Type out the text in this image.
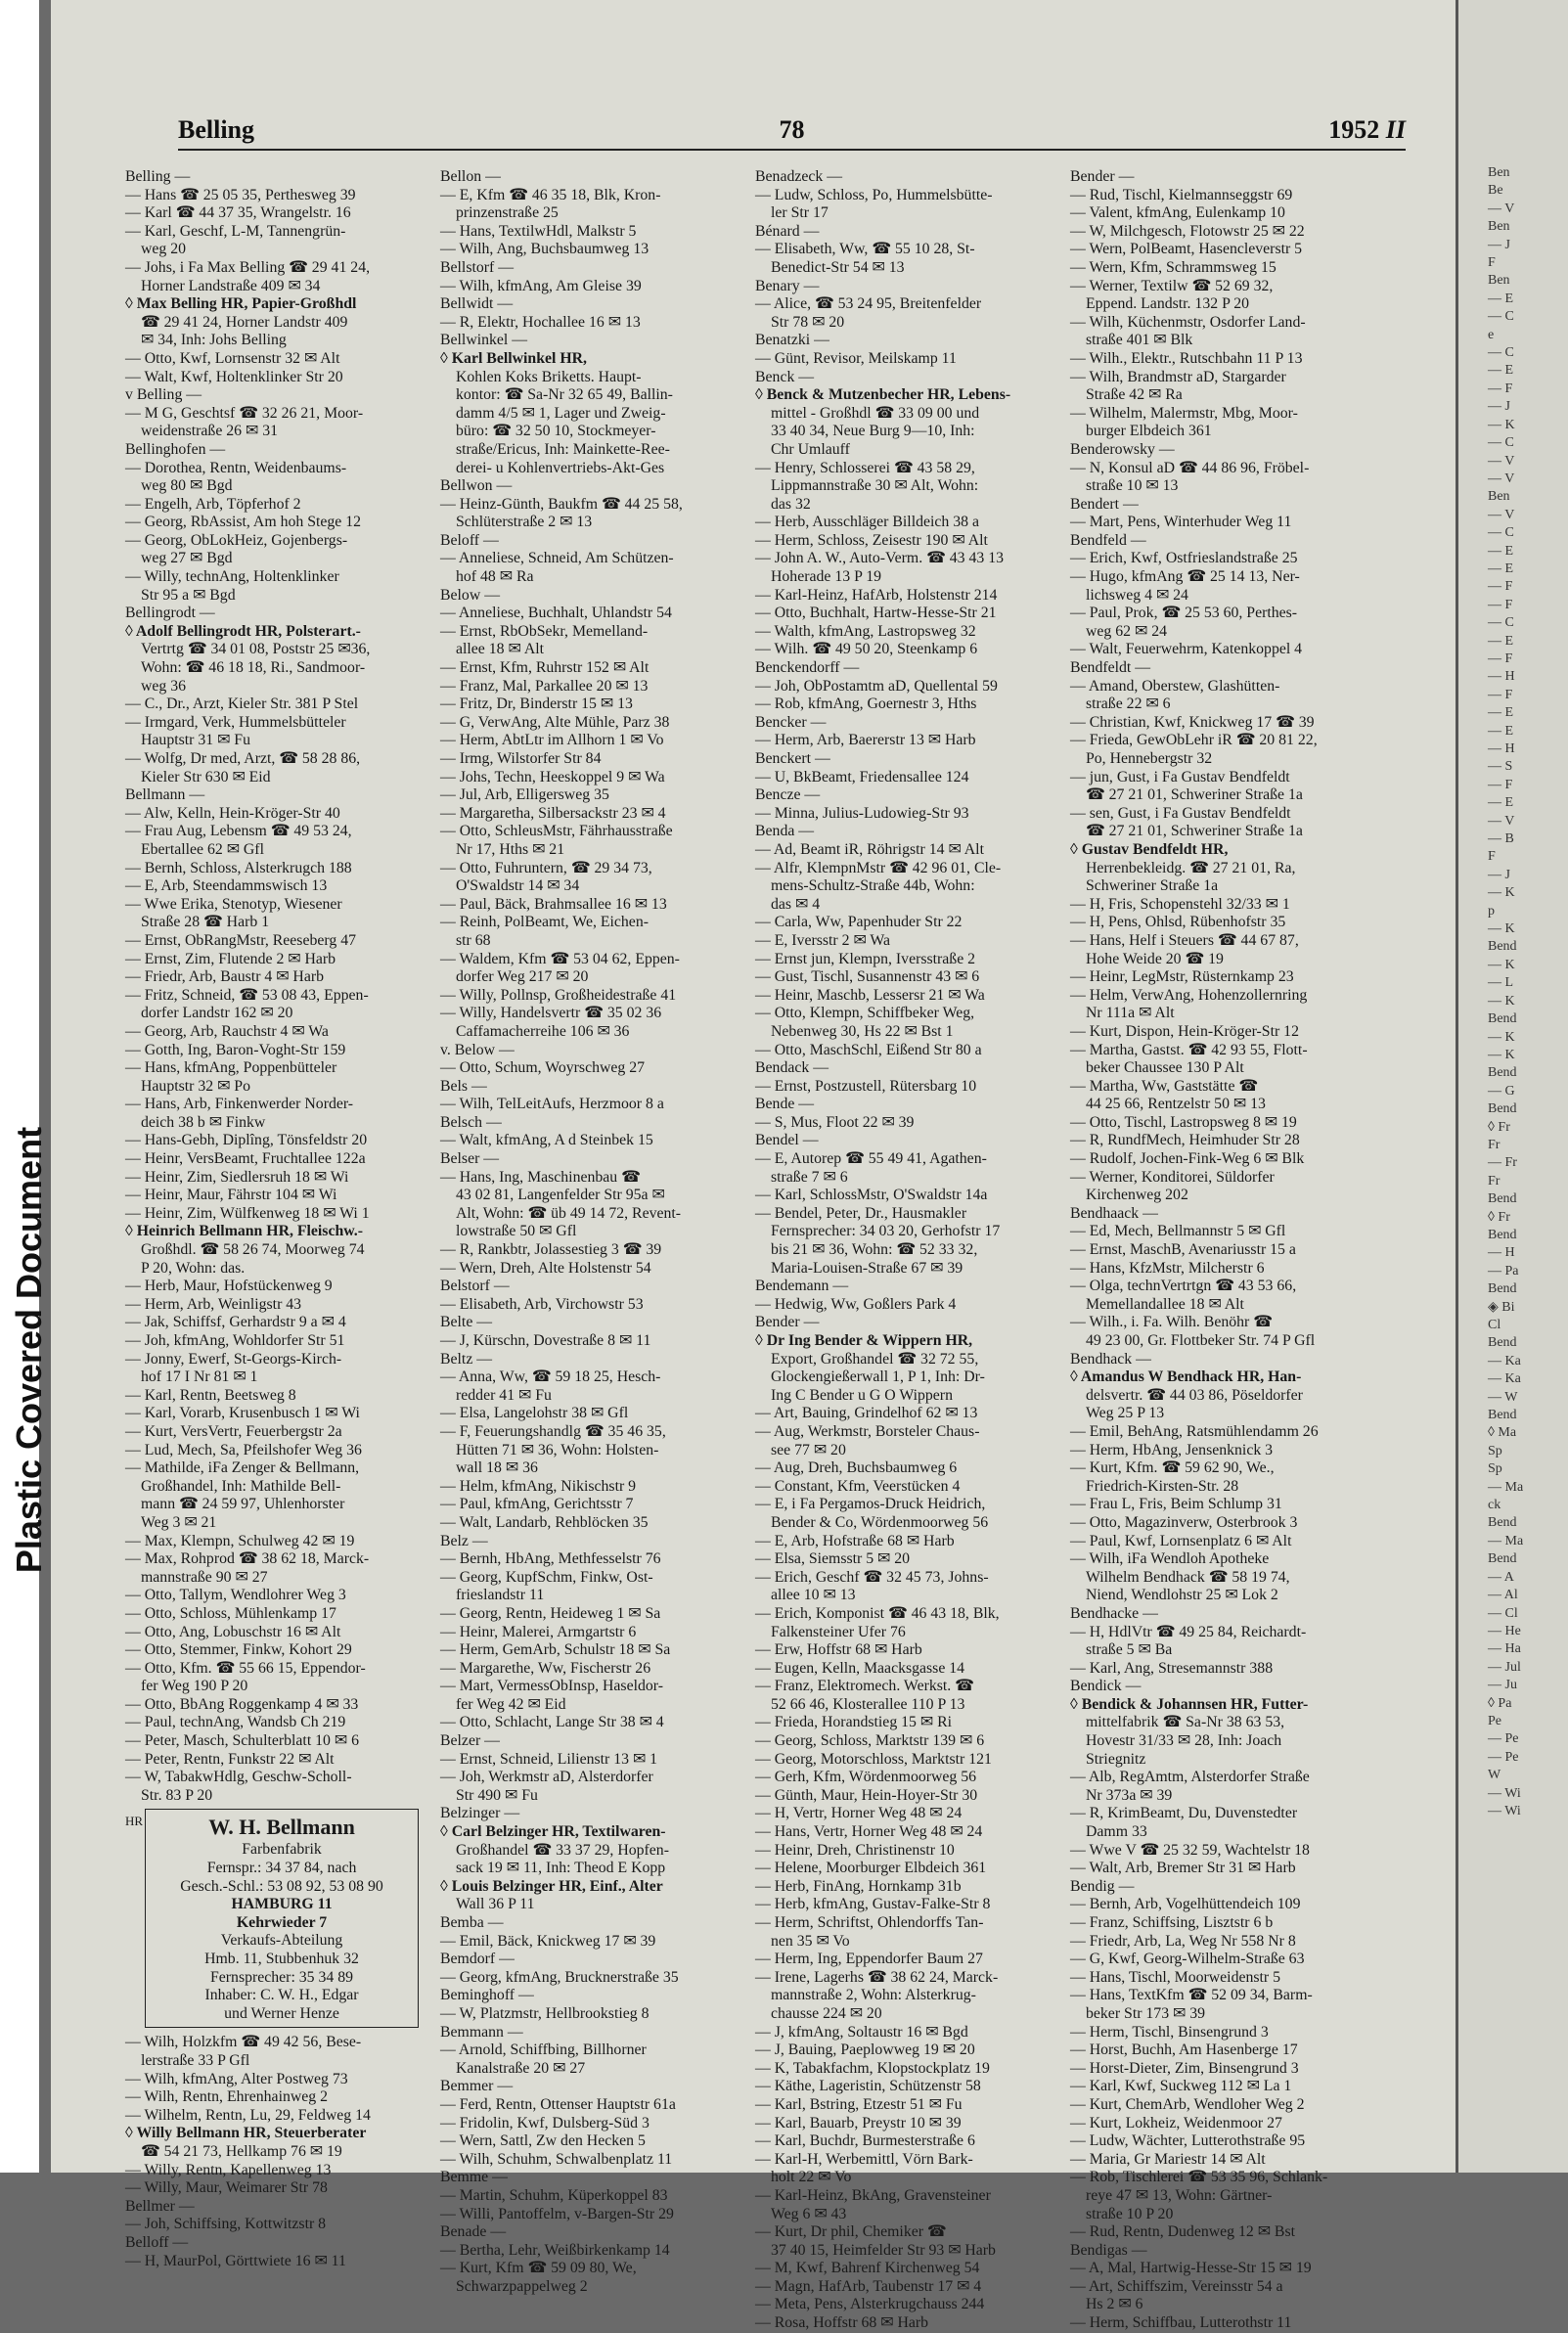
Plastic Covered Document
Belling	78	1952 II
Belling —
— Hans ☎ 25 05 35, Perthesweg 39
— Karl ☎ 44 37 35, Wrangelstr. 16
— Karl, Geschf, L-M, Tannengrün-
weg 20
— Johs, i Fa Max Belling ☎ 29 41 24,
Horner Landstraße 409 ✉ 34
◊ Max Belling HR, Papier-Großhdl
☎ 29 41 24, Horner Landstr 409
✉ 34, Inh: Johs Belling
— Otto, Kwf, Lornsenstr 32 ✉ Alt
— Walt, Kwf, Holtenklinker Str 20
v Belling —
— M G, Geschtsf ☎ 32 26 21, Moor-
weidenstraße 26 ✉ 31
Bellinghofen —
— Dorothea, Rentn, Weidenbaums-
weg 80 ✉ Bgd
— Engelh, Arb, Töpferhof 2
— Georg, RbAssist, Am hoh Stege 12
— Georg, ObLokHeiz, Gojenbergs-
weg 27 ✉ Bgd
— Willy, technAng, Holtenklinker
Str 95 a ✉ Bgd
Bellingrodt —
◊ Adolf Bellingrodt HR, Polsterart.-
Vertrtg ☎ 34 01 08, Poststr 25 ✉36,
Wohn: ☎ 46 18 18, Ri., Sandmoor-
weg 36
— C., Dr., Arzt, Kieler Str. 381 P Stel
— Irmgard, Verk, Hummelsbütteler
Hauptstr 31 ✉ Fu
— Wolfg, Dr med, Arzt, ☎ 58 28 86,
Kieler Str 630 ✉ Eid
Bellmann —
— Alw, Kelln, Hein-Kröger-Str 40
— Frau Aug, Lebensm ☎ 49 53 24,
Ebertallee 62 ✉ Gfl
— Bernh, Schloss, Alsterkrugch 188
— E, Arb, Steendammswisch 13
— Wwe Erika, Stenotyp, Wiesener
Straße 28 ☎ Harb 1
— Ernst, ObRangMstr, Reeseberg 47
— Ernst, Zim, Flutende 2 ✉ Harb
— Friedr, Arb, Baustr 4 ✉ Harb
— Fritz, Schneid, ☎ 53 08 43, Eppen-
dorfer Landstr 162 ✉ 20
— Georg, Arb, Rauchstr 4 ✉ Wa
— Gotth, Ing, Baron-Voght-Str 159
— Hans, kfmAng, Poppenbütteler
Hauptstr 32 ✉ Po
— Hans, Arb, Finkenwerder Norder-
deich 38 b ✉ Finkw
— Hans-Gebh, Diplîng, Tönsfeldstr 20
— Heinr, VersBeamt, Fruchtallee 122a
— Heinr, Zim, Siedlersruh 18 ✉ Wi
— Heinr, Maur, Fährstr 104 ✉ Wi
— Heinr, Zim, Wülfkenweg 18 ✉ Wi 1
◊ Heinrich Bellmann HR, Fleischw.-
Großhdl. ☎ 58 26 74, Moorweg 74
P 20, Wohn: das.
— Herb, Maur, Hofstückenweg 9
— Herm, Arb, Weinligstr 43
— Jak, Schiffsf, Gerhardstr 9 a ✉ 4
— Joh, kfmAng, Wohldorfer Str 51
— Jonny, Ewerf, St-Georgs-Kirch-
hof 17 I Nr 81 ✉ 1
— Karl, Rentn, Beetsweg 8
— Karl, Vorarb, Krusenbusch 1 ✉ Wi
— Kurt, VersVertr, Feuerbergstr 2a
— Lud, Mech, Sa, Pfeilshofer Weg 36
— Mathilde, iFa Zenger & Bellmann,
Großhandel, Inh: Mathilde Bell-
mann ☎ 24 59 97, Uhlenhorster
Weg 3 ✉ 21
— Max, Klempn, Schulweg 42 ✉ 19
— Max, Rohprod ☎ 38 62 18, Marck-
mannstraße 90 ✉ 27
— Otto, Tallym, Wendlohrer Weg 3
— Otto, Schloss, Mühlenkamp 17
— Otto, Ang, Lobuschstr 16 ✉ Alt
— Otto, Stemmer, Finkw, Kohort 29
— Otto, Kfm. ☎ 55 66 15, Eppendor-
fer Weg 190 P 20
— Otto, BbAng Roggenkamp 4 ✉ 33
— Paul, technAng, Wandsb Ch 219
— Peter, Masch, Schulterblatt 10 ✉ 6
— Peter, Rentn, Funkstr 22 ✉ Alt
— W, TabakwHdlg, Geschw-Scholl-
Str. 83 P 20
HR	W. H. Bellmann
Farbenfabrik
Fernspr.: 34 37 84, nach
Gesch.-Schl.: 53 08 92, 53 08 90
HAMBURG 11
Kehrwieder 7
Verkaufs-Abteilung
Hmb. 11, Stubbenhuk 32
Fernsprecher: 35 34 89
Inhaber: C. W. H., Edgar
und Werner Henze
— Wilh, Holzkfm ☎ 49 42 56, Bese-
lerstraße 33 P Gfl
— Wilh, kfmAng, Alter Postweg 73
— Wilh, Rentn, Ehrenhainweg 2
— Wilhelm, Rentn, Lu, 29, Feldweg 14
◊ Willy Bellmann HR, Steuerberater
☎ 54 21 73, Hellkamp 76 ✉ 19
— Willy, Rentn, Kapellenweg 13
— Willy, Maur, Weimarer Str 78
Bellmer —
— Joh, Schiffsing, Kottwitzstr 8
Belloff —
— H, MaurPol, Görttwiete 16 ✉ 11
Bellon —
— E, Kfm ☎ 46 35 18, Blk, Kron-
prinzenstraße 25
— Hans, TextilwHdl, Malkstr 5
— Wilh, Ang, Buchsbaumweg 13
Bellstorf —
— Wilh, kfmAng, Am Gleise 39
Bellwidt —
— R, Elektr, Hochallee 16 ✉ 13
Bellwinkel —
◊ Karl Bellwinkel HR,
Kohlen Koks Briketts. Haupt-
kontor: ☎ Sa-Nr 32 65 49, Ballin-
damm 4/5 ✉ 1, Lager und Zweig-
büro: ☎ 32 50 10, Stockmeyer-
straße/Ericus, Inh: Mainkette-Ree-
derei- u Kohlenvertriebs-Akt-Ges
Bellwon —
— Heinz-Günth, Baukfm ☎ 44 25 58,
Schlüterstraße 2 ✉ 13
Beloff —
— Anneliese, Schneid, Am Schützen-
hof 48 ✉ Ra
Below —
— Anneliese, Buchhalt, Uhlandstr 54
— Ernst, RbObSekr, Memelland-
allee 18 ✉ Alt
— Ernst, Kfm, Ruhrstr 152 ✉ Alt
— Franz, Mal, Parkallee 20 ✉ 13
— Fritz, Dr, Binderstr 15 ✉ 13
— G, VerwAng, Alte Mühle, Parz 38
— Herm, AbtLtr im Allhorn 1 ✉ Vo
— Irmg, Wilstorfer Str 84
— Johs, Techn, Heeskoppel 9 ✉ Wa
— Jul, Arb, Elligersweg 35
— Margaretha, Silbersackstr 23 ✉ 4
— Otto, SchleusMstr, Fährhausstraße
Nr 17, Hths ✉ 21
— Otto, Fuhruntern, ☎ 29 34 73,
O'Swaldstr 14 ✉ 34
— Paul, Bäck, Brahmsallee 16 ✉ 13
— Reinh, PolBeamt, We, Eichen-
str 68
— Waldem, Kfm ☎ 53 04 62, Eppen-
dorfer Weg 217 ✉ 20
— Willy, Pollnsp, Großheidestraße 41
— Willy, Handelsvertr ☎ 35 02 36
Caffamacherreihe 106 ✉ 36
v. Below —
— Otto, Schum, Woyrschweg 27
Bels —
— Wilh, TelLeitAufs, Herzmoor 8 a
Belsch —
— Walt, kfmAng, A d Steinbek 15
Belser —
— Hans, Ing, Maschinenbau ☎
43 02 81, Langenfelder Str 95a ✉
Alt, Wohn: ☎ üb 49 14 72, Revent-
lowstraße 50 ✉ Gfl
— R, Rankbtr, Jolassestieg 3 ☎ 39
— Wern, Dreh, Alte Holstenstr 54
Belstorf —
— Elisabeth, Arb, Virchowstr 53
Belte —
— J, Kürschn, Dovestraße 8 ✉ 11
Beltz —
— Anna, Ww, ☎ 59 18 25, Hesch-
redder 41 ✉ Fu
— Elsa, Langelohstr 38 ✉ Gfl
— F, Feuerungshandlg ☎ 35 46 35,
Hütten 71 ✉ 36, Wohn: Holsten-
wall 18 ✉ 36
— Helm, kfmAng, Nikischstr 9
— Paul, kfmAng, Gerichtsstr 7
— Walt, Landarb, Rehblöcken 35
Belz —
— Bernh, HbAng, Methfesselstr 76
— Georg, KupfSchm, Finkw, Ost-
frieslandstr 11
— Georg, Rentn, Heideweg 1 ✉ Sa
— Heinr, Malerei, Armgartstr 6
— Herm, GemArb, Schulstr 18 ✉ Sa
— Margarethe, Ww, Fischerstr 26
— Mart, VermessObInsp, Haseldor-
fer Weg 42 ✉ Eid
— Otto, Schlacht, Lange Str 38 ✉ 4
Belzer —
— Ernst, Schneid, Lilienstr 13 ✉ 1
— Joh, Werkmstr aD, Alsterdorfer
Str 490 ✉ Fu
Belzinger —
◊ Carl Belzinger HR, Textilwaren-
Großhandel ☎ 33 37 29, Hopfen-
sack 19 ✉ 11, Inh: Theod E Kopp
◊ Louis Belzinger HR, Einf., Alter
Wall 36 P 11
Bemba —
— Emil, Bäck, Knickweg 17 ✉ 39
Bemdorf —
— Georg, kfmAng, Brucknerstraße 35
Beminghoff —
— W, Platzmstr, Hellbrookstieg 8
Bemmann —
— Arnold, Schiffbing, Billhorner
Kanalstraße 20 ✉ 27
Bemmer —
— Ferd, Rentn, Ottenser Hauptstr 61a
— Fridolin, Kwf, Dulsberg-Süd 3
— Wern, Sattl, Zw den Hecken 5
— Wilh, Schuhm, Schwalbenplatz 11
Bemme —
— Martin, Schuhm, Küperkoppel 83
— Willi, Pantoffelm, v-Bargen-Str 29
Benade —
— Bertha, Lehr, Weißbirkenkamp 14
— Kurt, Kfm ☎ 59 09 80, We,
Schwarzpappelweg 2
Benadzeck —
— Ludw, Schloss, Po, Hummelsbütte-
ler Str 17
Bénard —
— Elisabeth, Ww, ☎ 55 10 28, St-
Benedict-Str 54 ✉ 13
Benary —
— Alice, ☎ 53 24 95, Breitenfelder
Str 78 ✉ 20
Benatzki —
— Günt, Revisor, Meilskamp 11
Benck —
◊ Benck & Mutzenbecher HR, Lebens-
mittel - Großhdl ☎ 33 09 00 und
33 40 34, Neue Burg 9—10, Inh:
Chr Umlauff
— Henry, Schlosserei ☎ 43 58 29,
Lippmannstraße 30 ✉ Alt, Wohn:
das 32
— Herb, Ausschläger Billdeich 38 a
— Herm, Schloss, Zeisestr 190 ✉ Alt
— John A. W., Auto-Verm. ☎ 43 43 13
Hoherade 13 P 19
— Karl-Heinz, HafArb, Holstenstr 214
— Otto, Buchhalt, Hartw-Hesse-Str 21
— Walth, kfmAng, Lastropsweg 32
— Wilh. ☎ 49 50 20, Steenkamp 6
Benckendorff —
— Joh, ObPostamtm aD, Quellental 59
— Rob, kfmAng, Goernestr 3, Hths
Bencker —
— Herm, Arb, Baererstr 13 ✉ Harb
Benckert —
— U, BkBeamt, Friedensallee 124
Bencze —
— Minna, Julius-Ludowieg-Str 93
Benda —
— Ad, Beamt iR, Röhrigstr 14 ✉ Alt
— Alfr, KlempnMstr ☎ 42 96 01, Cle-
mens-Schultz-Straße 44b, Wohn:
das ✉ 4
— Carla, Ww, Papenhuder Str 22
— E, Iversstr 2 ✉ Wa
— Ernst jun, Klempn, Iversstraße 2
— Gust, Tischl, Susannenstr 43 ✉ 6
— Heinr, Maschb, Lessersr 21 ✉ Wa
— Otto, Klempn, Schiffbeker Weg,
Nebenweg 30, Hs 22 ✉ Bst 1
— Otto, MaschSchl, Eißend Str 80 a
Bendack —
— Ernst, Postzustell, Rütersbarg 10
Bende —
— S, Mus, Floot 22 ✉ 39
Bendel —
— E, Autorep ☎ 55 49 41, Agathen-
straße 7 ✉ 6
— Karl, SchlossMstr, O'Swaldstr 14a
— Bendel, Peter, Dr., Hausmakler
Fernsprecher: 34 03 20, Gerhofstr 17
bis 21 ✉ 36, Wohn: ☎ 52 33 32,
Maria-Louisen-Straße 67 ✉ 39
Bendemann —
— Hedwig, Ww, Goßlers Park 4
Bender —
◊ Dr Ing Bender & Wippern HR,
Export, Großhandel ☎ 32 72 55,
Glockengießerwall 1, P 1, Inh: Dr-
Ing C Bender u G O Wippern
— Art, Bauing, Grindelhof 62 ✉ 13
— Aug, Werkmstr, Borsteler Chaus-
see 77 ✉ 20
— Aug, Dreh, Buchsbaumweg 6
— Constant, Kfm, Veerstücken 4
— E, i Fa Pergamos-Druck Heidrich,
Bender & Co, Wördenmoorweg 56
— E, Arb, Hofstraße 68 ✉ Harb
— Elsa, Siemsstr 5 ✉ 20
— Erich, Geschf ☎ 32 45 73, Johns-
allee 10 ✉ 13
— Erich, Komponist ☎ 46 43 18, Blk,
Falkensteiner Ufer 76
— Erw, Hoffstr 68 ✉ Harb
— Eugen, Kelln, Maacksgasse 14
— Franz, Elektromech. Werkst. ☎
52 66 46, Klosterallee 110 P 13
— Frieda, Horandstieg 15 ✉ Ri
— Georg, Schloss, Marktstr 139 ✉ 6
— Georg, Motorschloss, Marktstr 121
— Gerh, Kfm, Wördenmoorweg 56
— Günth, Maur, Hein-Hoyer-Str 30
— H, Vertr, Horner Weg 48 ✉ 24
— Hans, Vertr, Horner Weg 48 ✉ 24
— Heinr, Dreh, Christinenstr 10
— Helene, Moorburger Elbdeich 361
— Herb, FinAng, Hornkamp 31b
— Herb, kfmAng, Gustav-Falke-Str 8
— Herm, Schriftst, Ohlendorffs Tan-
nen 35 ✉ Vo
— Herm, Ing, Eppendorfer Baum 27
— Irene, Lagerhs ☎ 38 62 24, Marck-
mannstraße 2, Wohn: Alsterkrug-
chausse 224 ✉ 20
— J, kfmAng, Soltaustr 16 ✉ Bgd
— J, Bauing, Paeplowweg 19 ✉ 20
— K, Tabakfachm, Klopstockplatz 19
— Käthe, Lageristin, Schützenstr 58
— Karl, Bstring, Etzestr 51 ✉ Fu
— Karl, Bauarb, Preystr 10 ✉ 39
— Karl, Buchdr, Burmesterstraße 6
— Karl-H, Werbemittl, Vörn Bark-
holt 22 ✉ Vo
— Karl-Heinz, BkAng, Gravensteiner
Weg 6 ✉ 43
— Kurt, Dr phil, Chemiker ☎
37 40 15, Heimfelder Str 93 ✉ Harb
— M, Kwf, Bahrenf Kirchenweg 54
— Magn, HafArb, Taubenstr 17 ✉ 4
— Meta, Pens, Alsterkrugchauss 244
— Rosa, Hoffstr 68 ✉ Harb
Bender —
— Rud, Tischl, Kielmannseggstr 69
— Valent, kfmAng, Eulenkamp 10
— W, Milchgesch, Flotowstr 25 ✉ 22
— Wern, PolBeamt, Hasencleverstr 5
— Wern, Kfm, Schrammsweg 15
— Werner, Textilw ☎ 52 69 32,
Eppend. Landstr. 132 P 20
— Wilh, Küchenmstr, Osdorfer Land-
straße 401 ✉ Blk
— Wilh., Elektr., Rutschbahn 11 P 13
— Wilh, Brandmstr aD, Stargarder
Straße 42 ✉ Ra
— Wilhelm, Malermstr, Mbg, Moor-
burger Elbdeich 361
Benderowsky —
— N, Konsul aD ☎ 44 86 96, Fröbel-
straße 10 ✉ 13
Bendert —
— Mart, Pens, Winterhuder Weg 11
Bendfeld —
— Erich, Kwf, Ostfrieslandstraße 25
— Hugo, kfmAng ☎ 25 14 13, Ner-
lichsweg 4 ✉ 24
— Paul, Prok, ☎ 25 53 60, Perthes-
weg 62 ✉ 24
— Walt, Feuerwehrm, Katenkoppel 4
Bendfeldt —
— Amand, Oberstew, Glashütten-
straße 22 ✉ 6
— Christian, Kwf, Knickweg 17 ☎ 39
— Frieda, GewObLehr iR ☎ 20 81 22,
Po, Hennebergstr 32
— jun, Gust, i Fa Gustav Bendfeldt
☎ 27 21 01, Schweriner Straße 1a
— sen, Gust, i Fa Gustav Bendfeldt
☎ 27 21 01, Schweriner Straße 1a
◊ Gustav Bendfeldt HR,
Herrenbekleidg. ☎ 27 21 01, Ra,
Schweriner Straße 1a
— H, Fris, Schopenstehl 32/33 ✉ 1
— H, Pens, Ohlsd, Rübenhofstr 35
— Hans, Helf i Steuers ☎ 44 67 87,
Hohe Weide 20 ☎ 19
— Heinr, LegMstr, Rüsternkamp 23
— Helm, VerwAng, Hohenzollernring
Nr 111a ✉ Alt
— Kurt, Dispon, Hein-Kröger-Str 12
— Martha, Gastst. ☎ 42 93 55, Flott-
beker Chaussee 130 P Alt
— Martha, Ww, Gaststätte ☎
44 25 66, Rentzelstr 50 ✉ 13
— Otto, Tischl, Lastropsweg 8 ✉ 19
— R, RundfMech, Heimhuder Str 28
— Rudolf, Jochen-Fink-Weg 6 ✉ Blk
— Werner, Konditorei, Süldorfer
Kirchenweg 202
Bendhaack —
— Ed, Mech, Bellmannstr 5 ✉ Gfl
— Ernst, MaschB, Avenariusstr 15 a
— Hans, KfzMstr, Milcherstr 6
— Olga, technVertrtgn ☎ 43 53 66,
Memellandallee 18 ✉ Alt
— Wilh., i. Fa. Wilh. Benöhr ☎
49 23 00, Gr. Flottbeker Str. 74 P Gfl
Bendhack —
◊ Amandus W Bendhack HR, Han-
delsvertr. ☎ 44 03 86, Pöseldorfer
Weg 25 P 13
— Emil, BehAng, Ratsmühlendamm 26
— Herm, HbAng, Jensenknick 3
— Kurt, Kfm. ☎ 59 62 90, We.,
Friedrich-Kirsten-Str. 28
— Frau L, Fris, Beim Schlump 31
— Otto, Magazinverw, Osterbrook 3
— Paul, Kwf, Lornsenplatz 6 ✉ Alt
— Wilh, iFa Wendloh Apotheke
Wilhelm Bendhack ☎ 58 19 74,
Niend, Wendlohstr 25 ✉ Lok 2
Bendhacke —
— H, HdlVtr ☎ 49 25 84, Reichardt-
straße 5 ✉ Ba
— Karl, Ang, Stresemannstr 388
Bendick —
◊ Bendick & Johannsen HR, Futter-
mittelfabrik ☎ Sa-Nr 38 63 53,
Hovestr 31/33 ✉ 28, Inh: Joach
Striegnitz
— Alb, RegAmtm, Alsterdorfer Straße
Nr 373a ✉ 39
— R, KrimBeamt, Du, Duvenstedter
Damm 33
— Wwe V ☎ 25 32 59, Wachtelstr 18
— Walt, Arb, Bremer Str 31 ✉ Harb
Bendig —
— Bernh, Arb, Vogelhüttendeich 109
— Franz, Schiffsing, Lisztstr 6 b
— Friedr, Arb, La, Weg Nr 558 Nr 8
— G, Kwf, Georg-Wilhelm-Straße 63
— Hans, Tischl, Moorweidenstr 5
— Hans, TextKfm ☎ 52 09 34, Barm-
beker Str 173 ✉ 39
— Herm, Tischl, Binsengrund 3
— Horst, Buchh, Am Hasenberge 17
— Horst-Dieter, Zim, Binsengrund 3
— Karl, Kwf, Suckweg 112 ✉ La 1
— Kurt, ChemArb, Wendloher Weg 2
— Kurt, Lokheiz, Weidenmoor 27
— Ludw, Wächter, Lutterothstraße 95
— Maria, Gr Mariestr 14 ✉ Alt
— Rob, Tischlerei ☎ 53 35 96, Schlank-
reye 47 ✉ 13, Wohn: Gärtner-
straße 10 P 20
— Rud, Rentn, Dudenweg 12 ✉ Bst
Bendigas —
— A, Mal, Hartwig-Hesse-Str 15 ✉ 19
— Art, Schiffszim, Vereinsstr 54 a
Hs 2 ✉ 6
— Herm, Schiffbau, Lutterothstr 11
Ben
Be
— V
Ben
— J
F
Ben
— E
— C
e
— C
— E
— F
— J
— K
— C
— V
— V
Ben
— V
— C
— E
— E
— F
— F
— C
— E
— F
— H
— F
— E
— E
— H
— S
— F
— E
— V
— B
F
— J
— K
p
— K
Bend
— K
— L
— K
Bend
— K
— K
Bend
— G
Bend
◊ Fr
Fr
— Fr
Fr
Bend
◊ Fr
Bend
— H
— Pa
Bend
◈ Bi
Cl
Bend
— Ka
— Ka
— W
Bend
◊ Ma
Sp
Sp
— Ma
ck
Bend
— Ma
Bend
— A
— Al
— Cl
— He
— Ha
— Jul
— Ju
◊ Pa
Pe
— Pe
— Pe
W
— Wi
— Wi
